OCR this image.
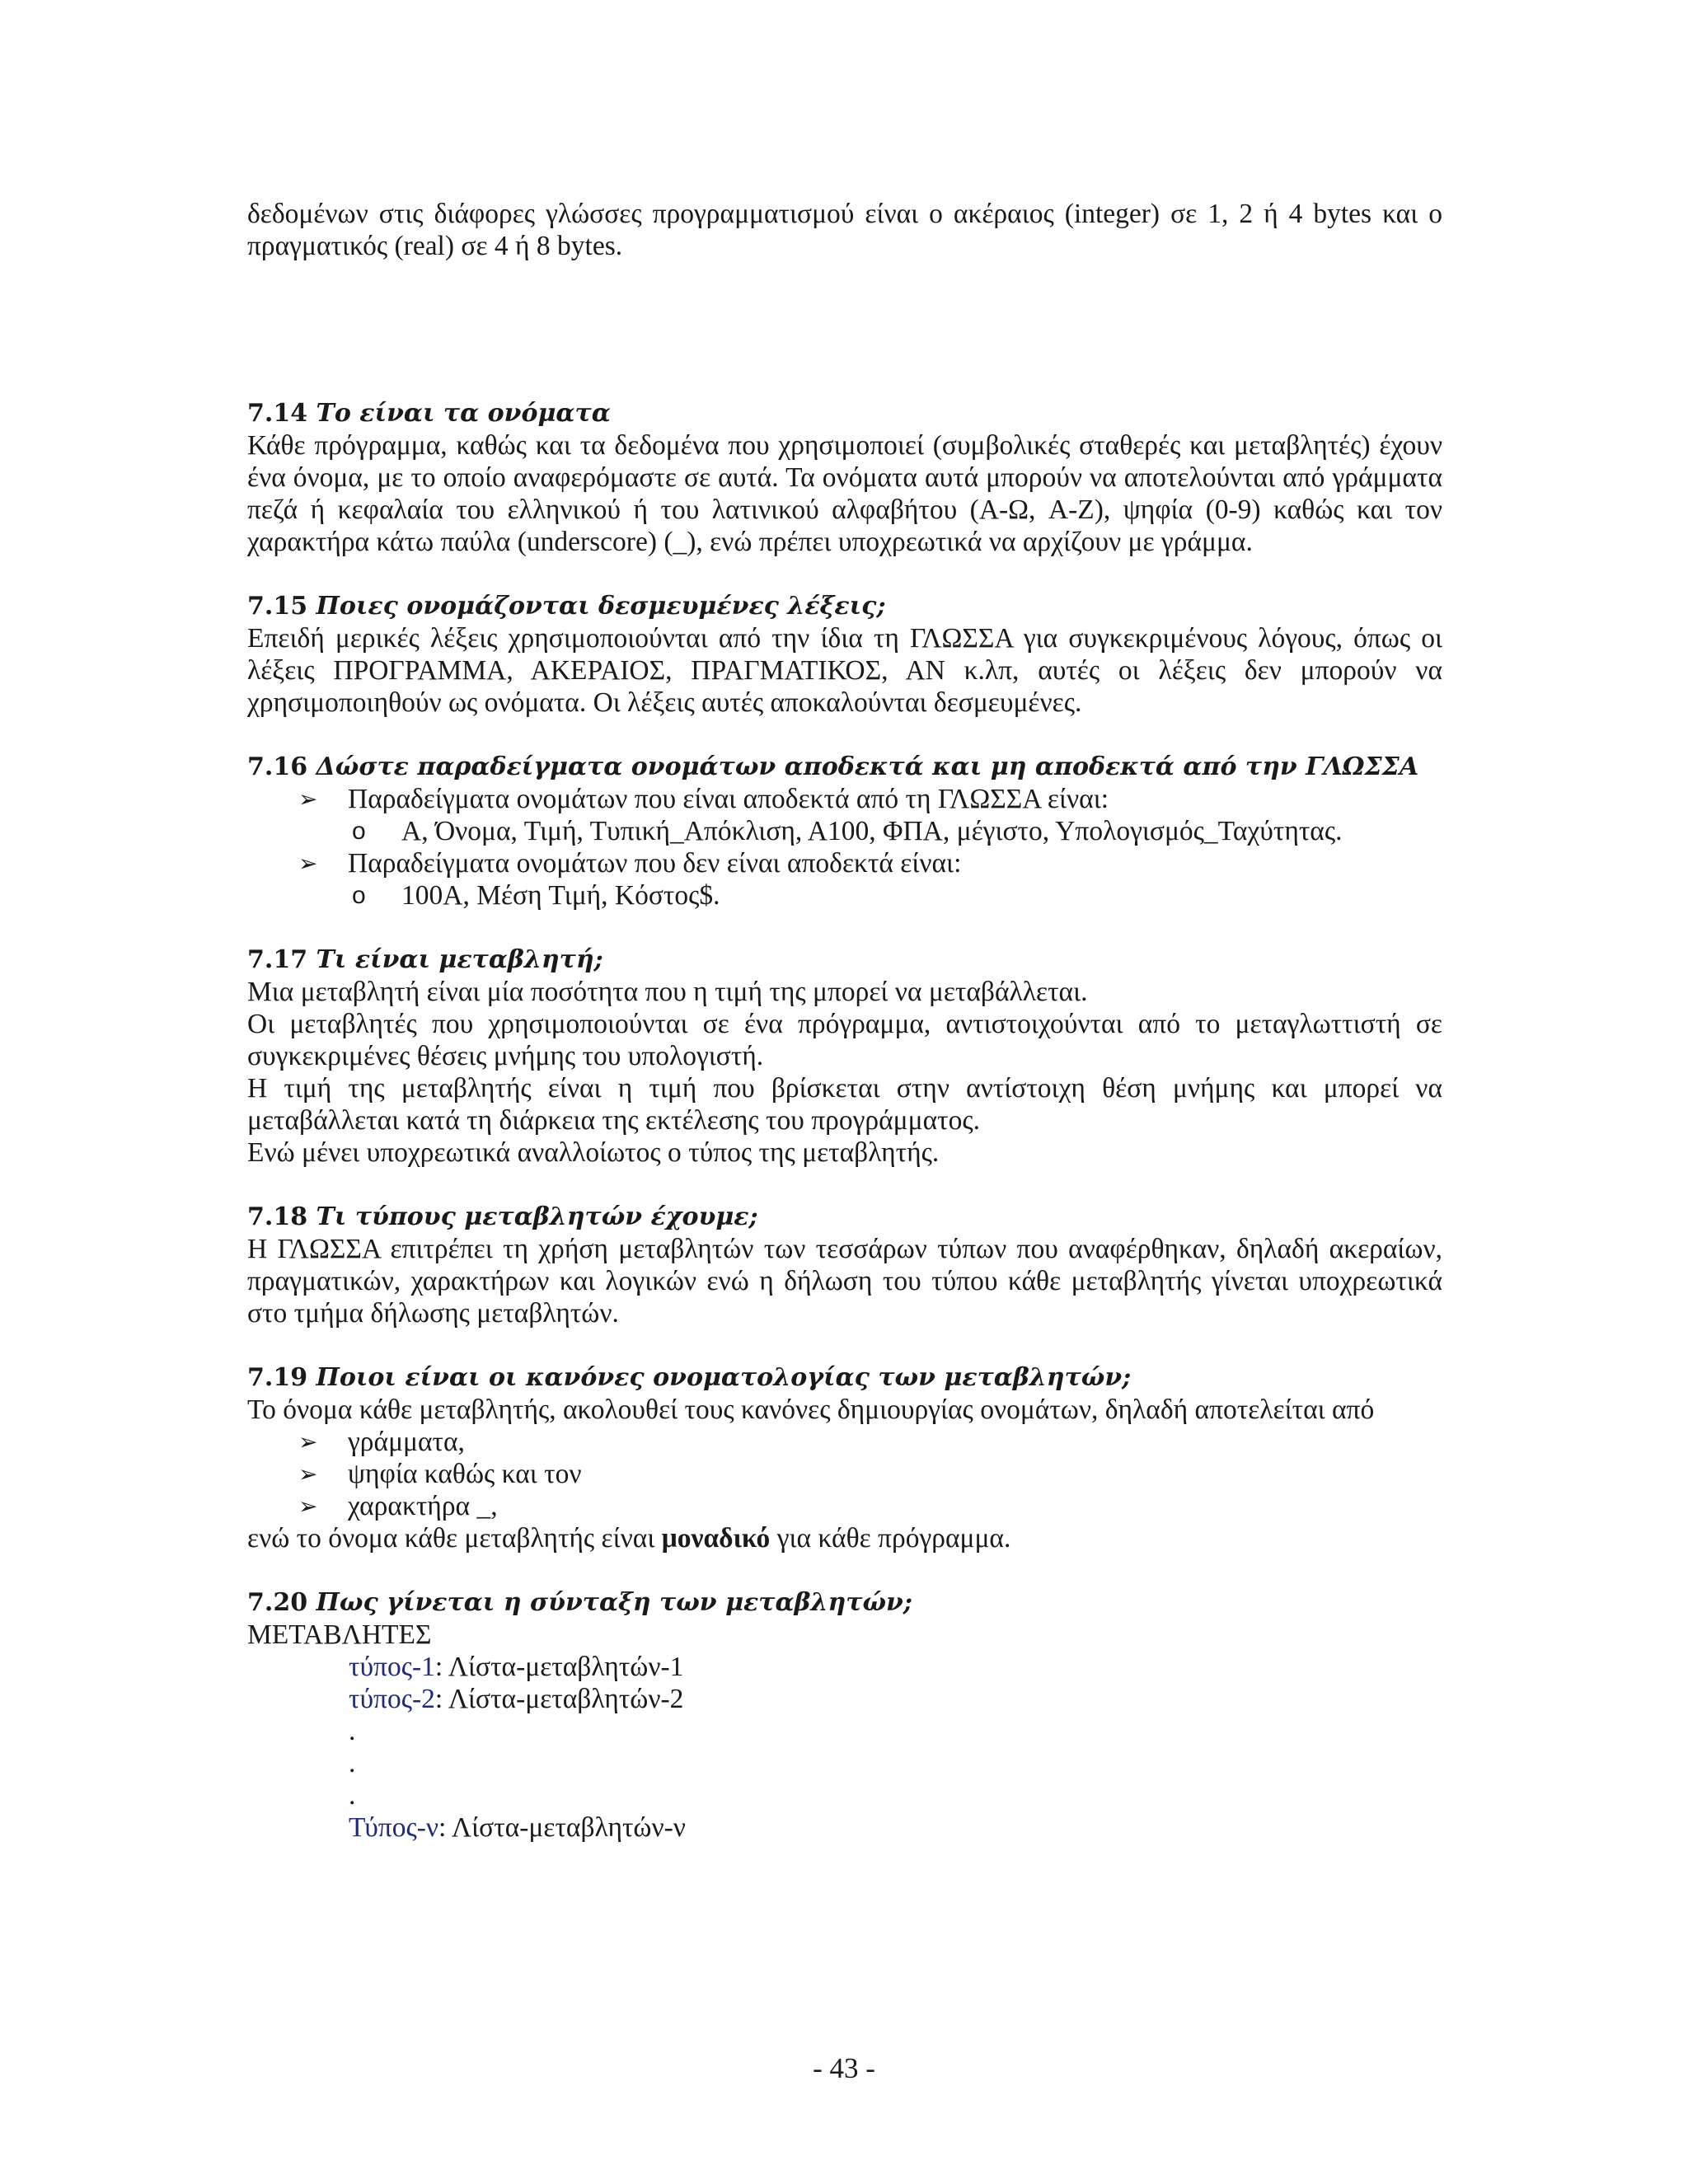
δεδομένων στις διάφορες γλώσσες προγραμματισμού είναι ο ακέραιος (integer) σε 1, 2 ή 4 bytes και ο πραγματικός (real) σε 4 ή 8 bytes.

7.14 Το είναι τα ονόματα

Κάθε πρόγραμμα, καθώς και τα δεδομένα που χρησιμοποιεί (συμβολικές σταθερές και μεταβλητές) έχουν ένα όνομα, με το οποίο αναφερόμαστε σε αυτά. Τα ονόματα αυτά μπορούν να αποτελούνται από γράμματα πεζά ή κεφαλαία του ελληνικού ή του λατινικού αλφαβήτου (Α-Ω, A-Z), ψηφία (0-9) καθώς και τον χαρακτήρα κάτω παύλα (underscore) (_), ενώ πρέπει υποχρεωτικά να αρχίζουν με γράμμα.

7.15 Ποιες ονομάζονται δεσμευμένες λέξεις;

Επειδή μερικές λέξεις χρησιμοποιούνται από την ίδια τη ΓΛΩΣΣΑ για συγκεκριμένους λόγους, όπως οι λέξεις ΠΡΟΓΡΑΜΜΑ, ΑΚΕΡΑΙΟΣ, ΠΡΑΓΜΑΤΙΚΟΣ, ΑΝ κ.λπ, αυτές οι λέξεις δεν μπορούν να χρησιμοποιηθούν ως ονόματα. Οι λέξεις αυτές αποκαλούνται δεσμευμένες.

7.16 Δώστε παραδείγματα ονομάτων αποδεκτά και μη αποδεκτά από την ΓΛΩΣΣΑ

➢ Παραδείγματα ονομάτων που είναι αποδεκτά από τη ΓΛΩΣΣΑ είναι:
o Α, Όνομα, Τιμή, Τυπική_Απόκλιση, Α100, ΦΠΑ, μέγιστο, Υπολογισμός_Ταχύτητας.
➢ Παραδείγματα ονομάτων που δεν είναι αποδεκτά είναι:
o 100Α, Μέση Τιμή, Κόστος$.

7.17 Τι είναι μεταβλητή;

Μια μεταβλητή είναι μία ποσότητα που η τιμή της μπορεί να μεταβάλλεται.

Οι μεταβλητές που χρησιμοποιούνται σε ένα πρόγραμμα, αντιστοιχούνται από το μεταγλωττιστή σε συγκεκριμένες θέσεις μνήμης του υπολογιστή.

Η τιμή της μεταβλητής είναι η τιμή που βρίσκεται στην αντίστοιχη θέση μνήμης και μπορεί να μεταβάλλεται κατά τη διάρκεια της εκτέλεσης του προγράμματος.

Ενώ μένει υποχρεωτικά αναλλοίωτος ο τύπος της μεταβλητής.

7.18 Τι τύπους μεταβλητών έχουμε;

Η ΓΛΩΣΣΑ επιτρέπει τη χρήση μεταβλητών των τεσσάρων τύπων που αναφέρθηκαν, δηλαδή ακεραίων, πραγματικών, χαρακτήρων και λογικών ενώ η δήλωση του τύπου κάθε μεταβλητής γίνεται υποχρεωτικά στο τμήμα δήλωσης μεταβλητών.

7.19 Ποιοι είναι οι κανόνες ονοματολογίας των μεταβλητών;

Το όνομα κάθε μεταβλητής, ακολουθεί τους κανόνες δημιουργίας ονομάτων, δηλαδή αποτελείται από

➢ γράμματα,
➢ ψηφία καθώς και τον
➢ χαρακτήρα _,

ενώ το όνομα κάθε μεταβλητής είναι μοναδικό για κάθε πρόγραμμα.

7.20 Πως γίνεται η σύνταξη των μεταβλητών;

ΜΕΤΑΒΛΗΤΕΣ

τύπος-1: Λίστα-μεταβλητών-1
τύπος-2: Λίστα-μεταβλητών-2
.
.
.
Τύπος-ν: Λίστα-μεταβλητών-ν
- 43 -
